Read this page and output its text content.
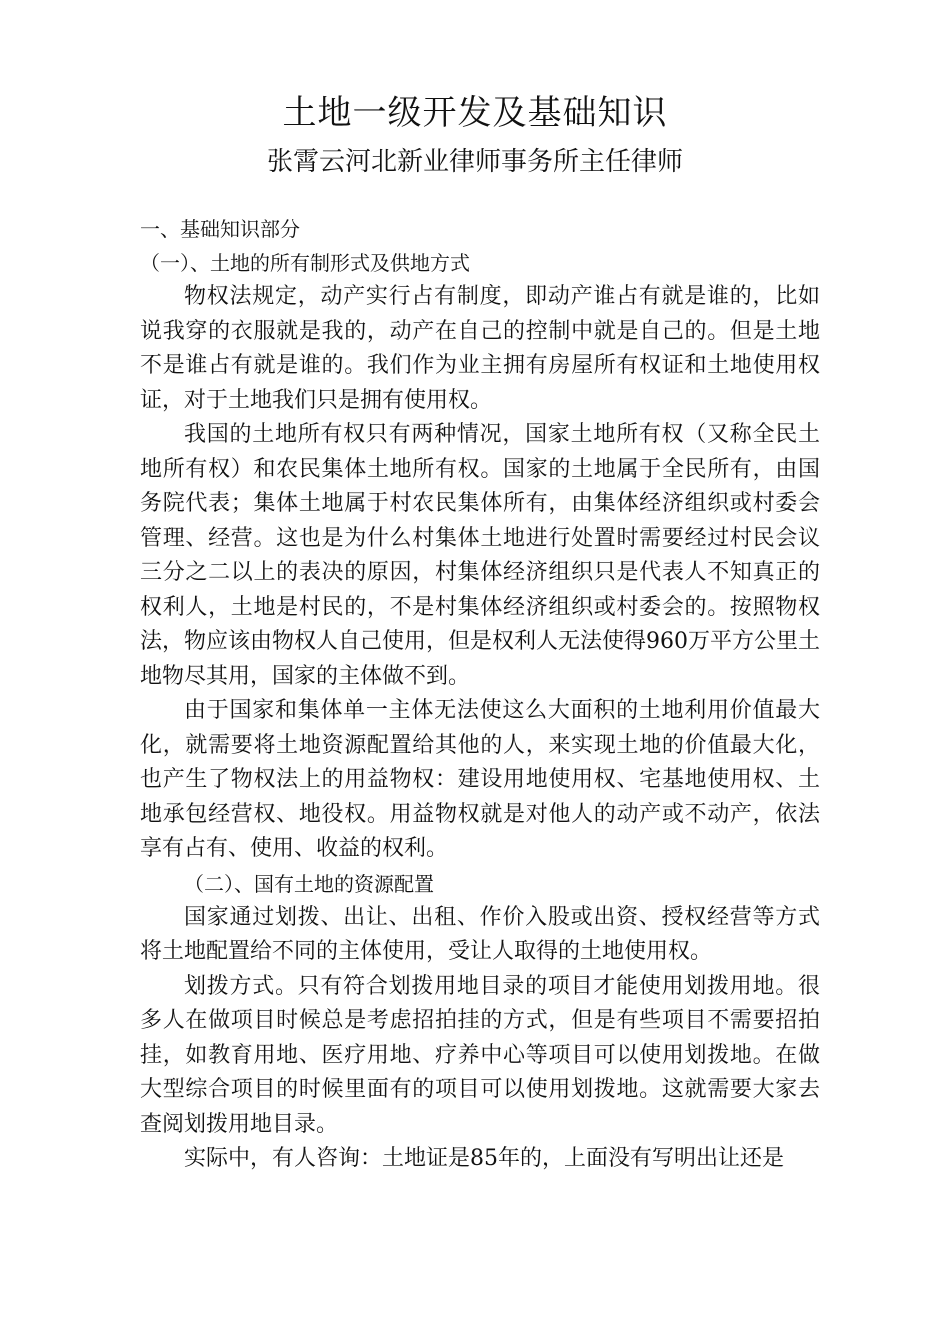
土地一级开发及基础知识
张霄云河北新业律师事务所主任律师

一、基础知识部分

（一）、土地的所有制形式及供地方式

物权法规定，动产实行占有制度，即动产谁占有就是谁的，比如说我穿的衣服就是我的，动产在自己的控制中就是自己的。但是土地不是谁占有就是谁的。我们作为业主拥有房屋所有权证和土地使用权证，对于土地我们只是拥有使用权。

我国的土地所有权只有两种情况，国家土地所有权（又称全民土地所有权）和农民集体土地所有权。国家的土地属于全民所有，由国务院代表；集体土地属于村农民集体所有，由集体经济组织或村委会管理、经营。这也是为什么村集体土地进行处置时需要经过村民会议三分之二以上的表决的原因，村集体经济组织只是代表人不知真正的权利人，土地是村民的，不是村集体经济组织或村委会的。按照物权法，物应该由物权人自己使用，但是权利人无法使得960万平方公里土地物尽其用，国家的主体做不到。

由于国家和集体单一主体无法使这么大面积的土地利用价值最大化，就需要将土地资源配置给其他的人，来实现土地的价值最大化，也产生了物权法上的用益物权：建设用地使用权、宅基地使用权、土地承包经营权、地役权。用益物权就是对他人的动产或不动产，依法享有占有、使用、收益的权利。

（二）、国有土地的资源配置

国家通过划拨、出让、出租、作价入股或出资、授权经营等方式将土地配置给不同的主体使用，受让人取得的土地使用权。

划拨方式。只有符合划拨用地目录的项目才能使用划拨用地。很多人在做项目时候总是考虑招拍挂的方式，但是有些项目不需要招拍挂，如教育用地、医疗用地、疗养中心等项目可以使用划拨地。在做大型综合项目的时候里面有的项目可以使用划拨地。这就需要大家去查阅划拨用地目录。

实际中，有人咨询：土地证是85年的，上面没有写明出让还是
